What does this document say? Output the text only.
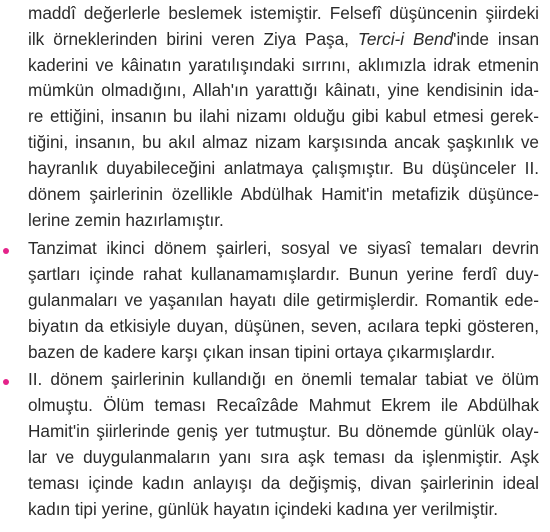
maddî değerlerle beslemek istemiştir. Felsefî düşüncenin şiirdeki
ilk örneklerinden birini veren Ziya Paşa, Terci-i Bend'inde insan
kaderini ve kâinatın yaratılışındaki sırrını, aklımızla idrak etmenin
mümkün olmadığını, Allah'ın yarattığı kâinatı, yine kendisinin ida-
re ettiğini, insanın bu ilahi nizamı olduğu gibi kabul etmesi gerek-
tiğini, insanın, bu akıl almaz nizam karşısında ancak şaşkınlık ve
hayranlık duyabileceğini anlatmaya çalışmıştır. Bu düşünceler II.
dönem şairlerinin özellikle Abdülhak Hamit'in metafizik düşünce-
lerine zemin hazırlamıştır.
Tanzimat ikinci dönem şairleri, sosyal ve siyasî temaları devrin
şartları içinde rahat kullanamamışlardır. Bunun yerine ferdî duy-
gulanmaları ve yaşanılan hayatı dile getirmişlerdir. Romantik ede-
biyatın da etkisiyle duyan, düşünen, seven, acılara tepki gösteren,
bazen de kadere karşı çıkan insan tipini ortaya çıkarmışlardır.
II. dönem şairlerinin kullandığı en önemli temalar tabiat ve ölüm
olmuştu. Ölüm teması Recaîzâde Mahmut Ekrem ile Abdülhak
Hamit'in şiirlerinde geniş yer tutmuştur. Bu dönemde günlük olay-
lar ve duygulanmaların yanı sıra aşk teması da işlenmiştir. Aşk
teması içinde kadın anlayışı da değişmiş, divan şairlerinin ideal
kadın tipi yerine, günlük hayatın içindeki kadına yer verilmiştir.
